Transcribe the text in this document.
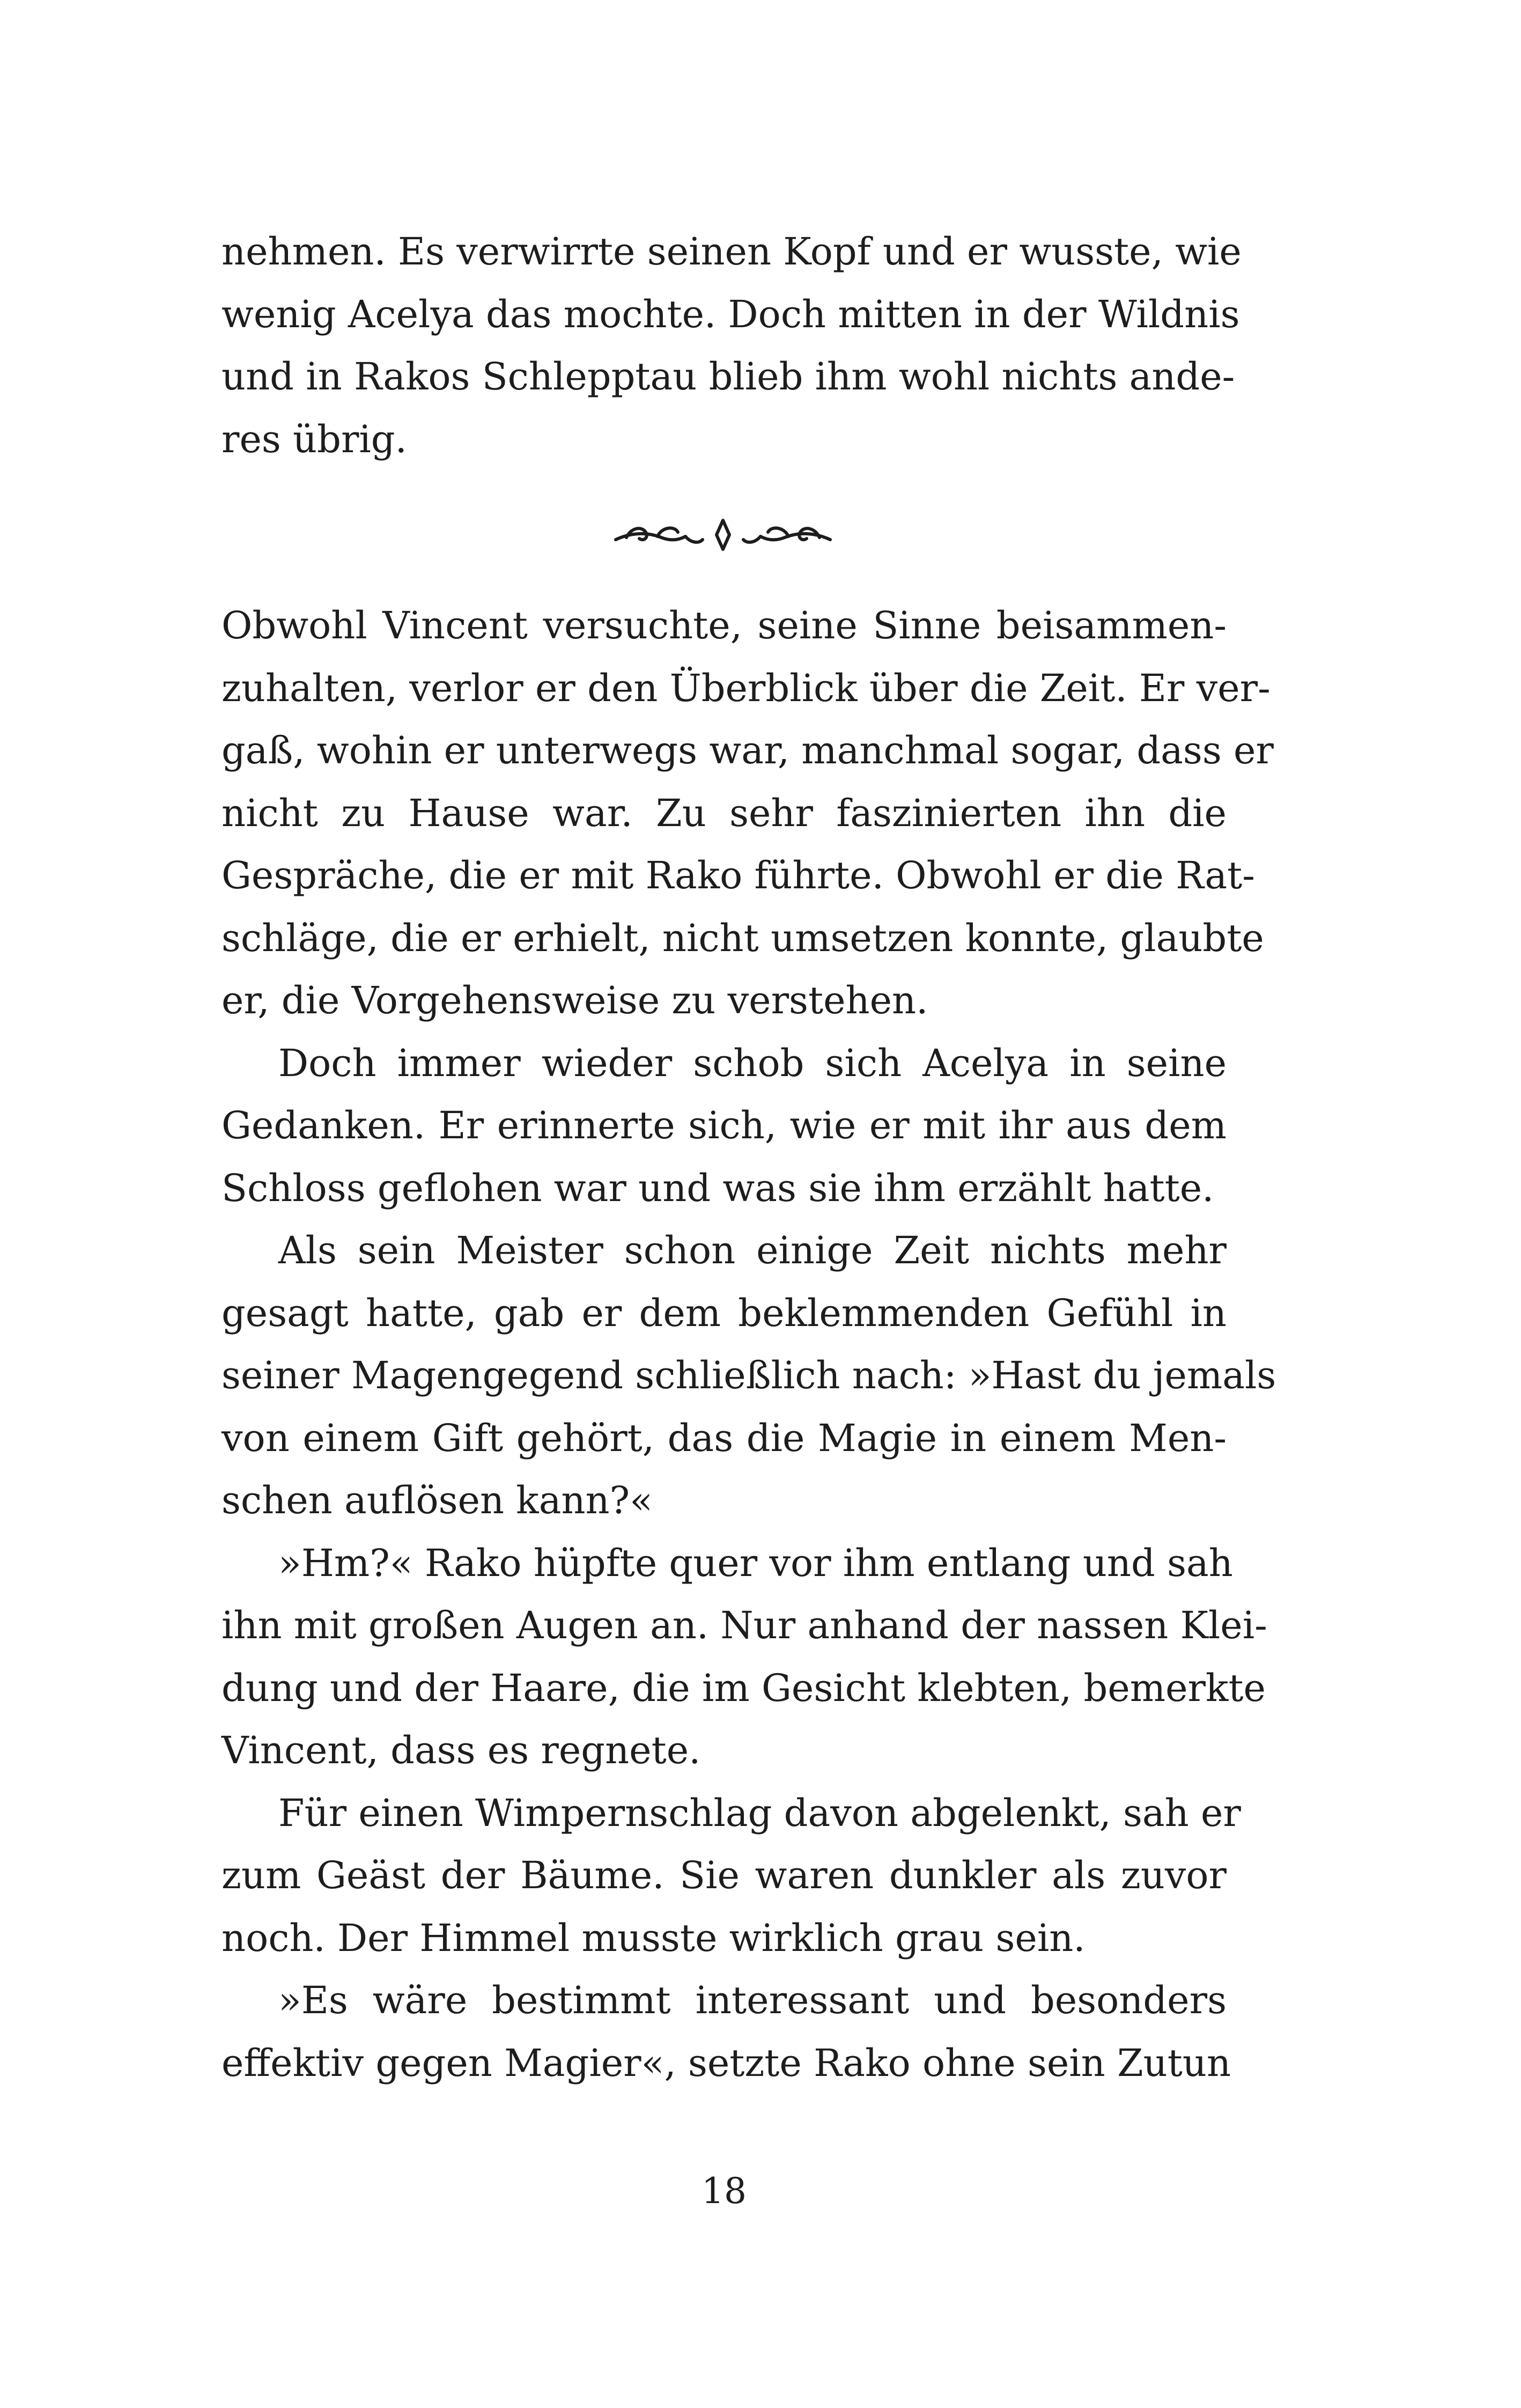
nehmen. Es verwirrte seinen Kopf und er wusste, wie
wenig Acelya das mochte. Doch mitten in der Wildnis
und in Rakos Schlepptau blieb ihm wohl nichts ande-
res übrig.
Obwohl Vincent versuchte, seine Sinne beisammen-
zuhalten, verlor er den Überblick über die Zeit. Er ver-
gaß, wohin er unterwegs war, manchmal sogar, dass er
nicht zu Hause war. Zu sehr faszinierten ihn die
Gespräche, die er mit Rako führte. Obwohl er die Rat-
schläge, die er erhielt, nicht umsetzen konnte, glaubte
er, die Vorgehensweise zu verstehen.
Doch immer wieder schob sich Acelya in seine
Gedanken. Er erinnerte sich, wie er mit ihr aus dem
Schloss geflohen war und was sie ihm erzählt hatte.
Als sein Meister schon einige Zeit nichts mehr
gesagt hatte, gab er dem beklemmenden Gefühl in
seiner Magengegend schließlich nach: »Hast du jemals
von einem Gift gehört, das die Magie in einem Men-
schen auflösen kann?«
»Hm?« Rako hüpfte quer vor ihm entlang und sah
ihn mit großen Augen an. Nur anhand der nassen Klei-
dung und der Haare, die im Gesicht klebten, bemerkte
Vincent, dass es regnete.
Für einen Wimpernschlag davon abgelenkt, sah er
zum Geäst der Bäume. Sie waren dunkler als zuvor
noch. Der Himmel musste wirklich grau sein.
»Es wäre bestimmt interessant und besonders
effektiv gegen Magier«, setzte Rako ohne sein Zutun
18
